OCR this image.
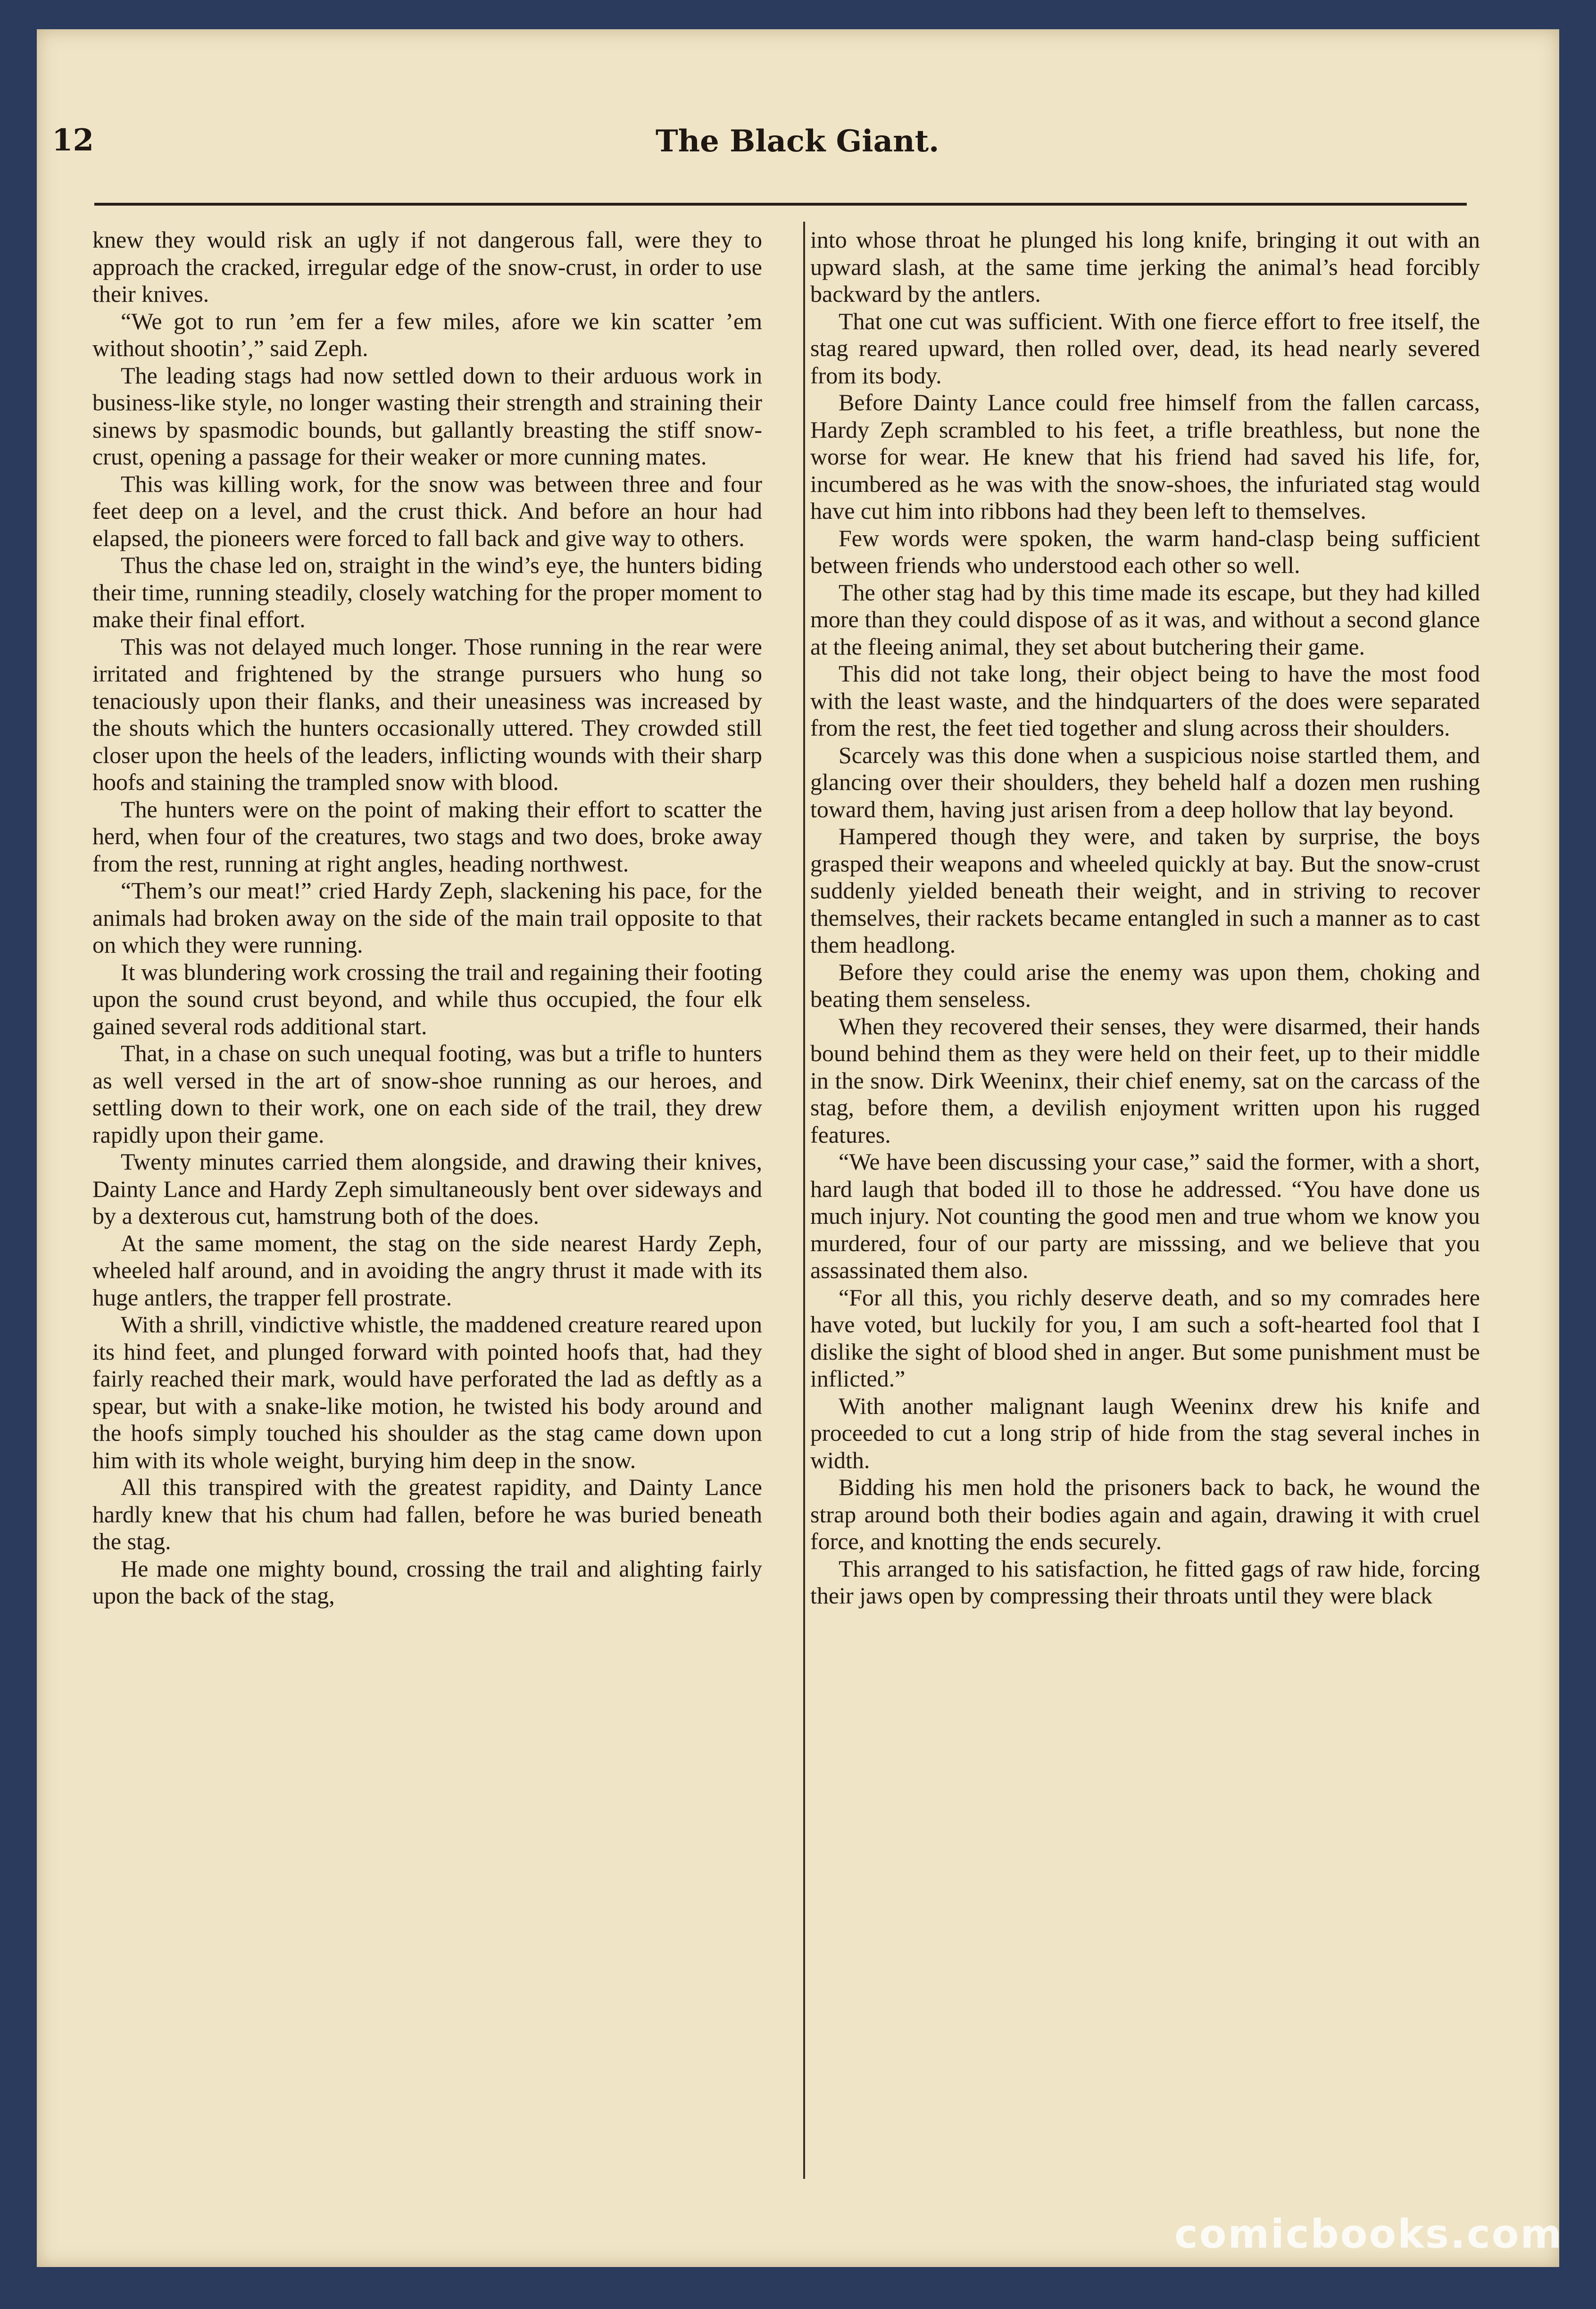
12	The Black Giant.

knew they would risk an ugly if not dangerous fall, were they to approach the cracked, irregular edge of the snow-crust, in order to use their knives.

“We got to run ’em fer a few miles, afore we kin scatter ’em without shootin’,” said Zeph.

The leading stags had now settled down to their arduous work in business-like style, no longer wasting their strength and straining their sinews by spasmodic bounds, but gallantly breasting the stiff snow-crust, opening a passage for their weaker or more cunning mates.

This was killing work, for the snow was between three and four feet deep on a level, and the crust thick. And before an hour had elapsed, the pioneers were forced to fall back and give way to others.

Thus the chase led on, straight in the wind’s eye, the hunters biding their time, running steadily, closely watching for the proper moment to make their final effort.

This was not delayed much longer. Those running in the rear were irritated and frightened by the strange pursuers who hung so tenaciously upon their flanks, and their uneasiness was increased by the shouts which the hunters occasionally uttered. They crowded still closer upon the heels of the leaders, inflicting wounds with their sharp hoofs and staining the trampled snow with blood.

The hunters were on the point of making their effort to scatter the herd, when four of the creatures, two stags and two does, broke away from the rest, running at right angles, heading northwest.

“Them’s our meat!” cried Hardy Zeph, slackening his pace, for the animals had broken away on the side of the main trail opposite to that on which they were running.

It was blundering work crossing the trail and regaining their footing upon the sound crust beyond, and while thus occupied, the four elk gained several rods additional start.

That, in a chase on such unequal footing, was but a trifle to hunters as well versed in the art of snow-shoe running as our heroes, and settling down to their work, one on each side of the trail, they drew rapidly upon their game.

Twenty minutes carried them alongside, and drawing their knives, Dainty Lance and Hardy Zeph simultaneously bent over sideways and by a dexterous cut, hamstrung both of the does.

At the same moment, the stag on the side nearest Hardy Zeph, wheeled half around, and in avoiding the angry thrust it made with its huge antlers, the trapper fell prostrate.

With a shrill, vindictive whistle, the maddened creature reared upon its hind feet, and plunged forward with pointed hoofs that, had they fairly reached their mark, would have perforated the lad as deftly as a spear, but with a snake-like motion, he twisted his body around and the hoofs simply touched his shoulder as the stag came down upon him with its whole weight, burying him deep in the snow.

All this transpired with the greatest rapidity, and Dainty Lance hardly knew that his chum had fallen, before he was buried beneath the stag.

He made one mighty bound, crossing the trail and alighting fairly upon the back of the stag,

into whose throat he plunged his long knife, bringing it out with an upward slash, at the same time jerking the animal’s head forcibly backward by the antlers.

That one cut was sufficient. With one fierce effort to free itself, the stag reared upward, then rolled over, dead, its head nearly severed from its body.

Before Dainty Lance could free himself from the fallen carcass, Hardy Zeph scrambled to his feet, a trifle breathless, but none the worse for wear. He knew that his friend had saved his life, for, incumbered as he was with the snow-shoes, the infuriated stag would have cut him into ribbons had they been left to themselves.

Few words were spoken, the warm hand-clasp being sufficient between friends who understood each other so well.

The other stag had by this time made its escape, but they had killed more than they could dispose of as it was, and without a second glance at the fleeing animal, they set about butchering their game.

This did not take long, their object being to have the most food with the least waste, and the hindquarters of the does were separated from the rest, the feet tied together and slung across their shoulders.

Scarcely was this done when a suspicious noise startled them, and glancing over their shoulders, they beheld half a dozen men rushing toward them, having just arisen from a deep hollow that lay beyond.

Hampered though they were, and taken by surprise, the boys grasped their weapons and wheeled quickly at bay. But the snow-crust suddenly yielded beneath their weight, and in striving to recover themselves, their rackets became entangled in such a manner as to cast them headlong.

Before they could arise the enemy was upon them, choking and beating them senseless.

When they recovered their senses, they were disarmed, their hands bound behind them as they were held on their feet, up to their middle in the snow. Dirk Weeninx, their chief enemy, sat on the carcass of the stag, before them, a devilish enjoyment written upon his rugged features.

“We have been discussing your case,” said the former, with a short, hard laugh that boded ill to those he addressed. “You have done us much injury. Not counting the good men and true whom we know you murdered, four of our party are misssing, and we believe that you assassinated them also.

“For all this, you richly deserve death, and so my comrades here have voted, but luckily for you, I am such a soft-hearted fool that I dislike the sight of blood shed in anger. But some punishment must be inflicted.”

With another malignant laugh Weeninx drew his knife and proceeded to cut a long strip of hide from the stag several inches in width.

Bidding his men hold the prisoners back to back, he wound the strap around both their bodies again and again, drawing it with cruel force, and knotting the ends securely.

This arranged to his satisfaction, he fitted gags of raw hide, forcing their jaws open by compressing their throats until they were black

comicbooks.com
